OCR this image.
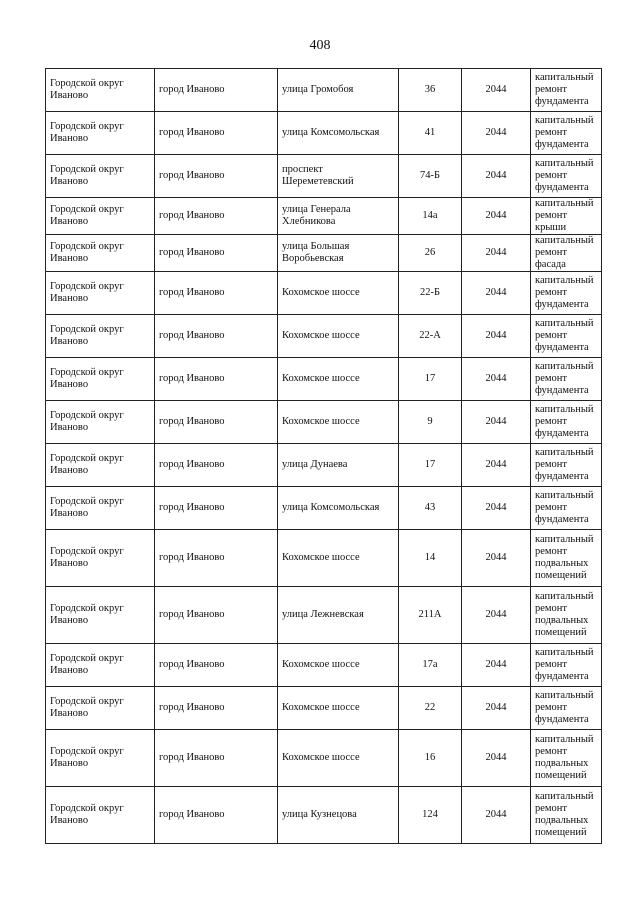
408
Городской округ Иваново	город Иваново	улица Громобоя	36	2044	капитальный ремонт фундамента
Городской округ Иваново	город Иваново	улица Комсомольская	41	2044	капитальный ремонт фундамента
Городской округ Иваново	город Иваново	проспект Шереметевский	74-Б	2044	капитальный ремонт фундамента
Городской округ Иваново	город Иваново	улица Генерала Хлебникова	14а	2044	капитальный ремонт крыши
Городской округ Иваново	город Иваново	улица Большая Воробьевская	26	2044	капитальный ремонт фасада
Городской округ Иваново	город Иваново	Кохомское шоссе	22-Б	2044	капитальный ремонт фундамента
Городской округ Иваново	город Иваново	Кохомское шоссе	22-А	2044	капитальный ремонт фундамента
Городской округ Иваново	город Иваново	Кохомское шоссе	17	2044	капитальный ремонт фундамента
Городской округ Иваново	город Иваново	Кохомское шоссе	9	2044	капитальный ремонт фундамента
Городской округ Иваново	город Иваново	улица Дунаева	17	2044	капитальный ремонт фундамента
Городской округ Иваново	город Иваново	улица Комсомольская	43	2044	капитальный ремонт фундамента
Городской округ Иваново	город Иваново	Кохомское шоссе	14	2044	капитальный ремонт подвальных помещений
Городской округ Иваново	город Иваново	улица Лежневская	211А	2044	капитальный ремонт подвальных помещений
Городской округ Иваново	город Иваново	Кохомское шоссе	17а	2044	капитальный ремонт фундамента
Городской округ Иваново	город Иваново	Кохомское шоссе	22	2044	капитальный ремонт фундамента
Городской округ Иваново	город Иваново	Кохомское шоссе	16	2044	капитальный ремонт подвальных помещений
Городской округ Иваново	город Иваново	улица Кузнецова	124	2044	капитальный ремонт подвальных помещений
